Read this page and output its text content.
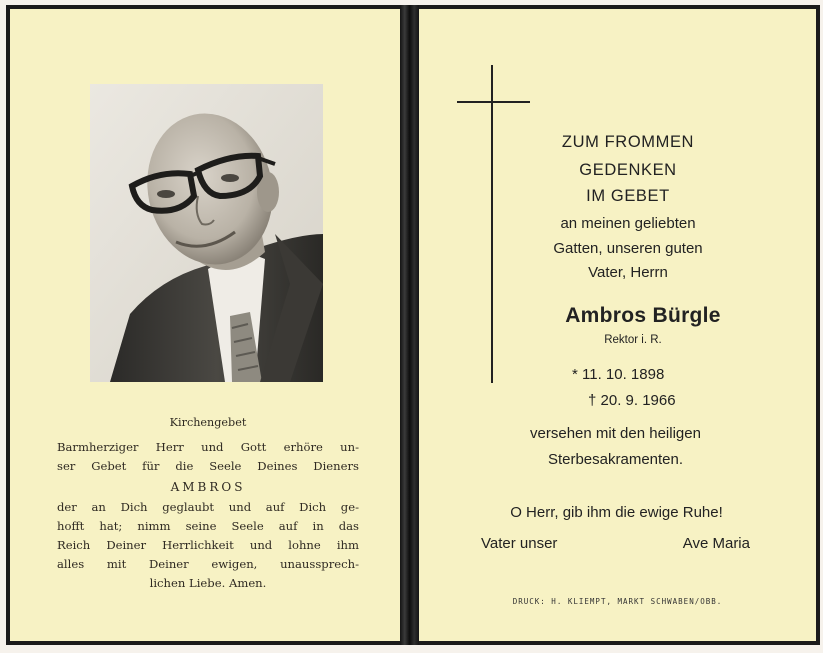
Kirchengebet

Barmherziger Herr und Gott erhöre un-

ser Gebet für die Seele Deines Dieners

AMBROS

der an Dich geglaubt und auf Dich ge-

hofft hat; nimm seine Seele auf in das

Reich Deiner Herrlichkeit und lohne ihm

alles mit Deiner ewigen, unaussprech-

lichen Liebe. Amen.

ZUM FROMMEN
GEDENKEN
IM GEBET
an meinen geliebten
Gatten, unseren guten
Vater, Herrn
Ambros Bürgle
Rektor i. R.
* 11. 10. 1898
† 20. 9. 1966
versehen mit den heiligen
Sterbesakramenten.
O Herr, gib ihm die ewige Ruhe!
Vater unser	Ave Maria
DRUCK: H. KLIEMPT, MARKT SCHWABEN/OBB.
